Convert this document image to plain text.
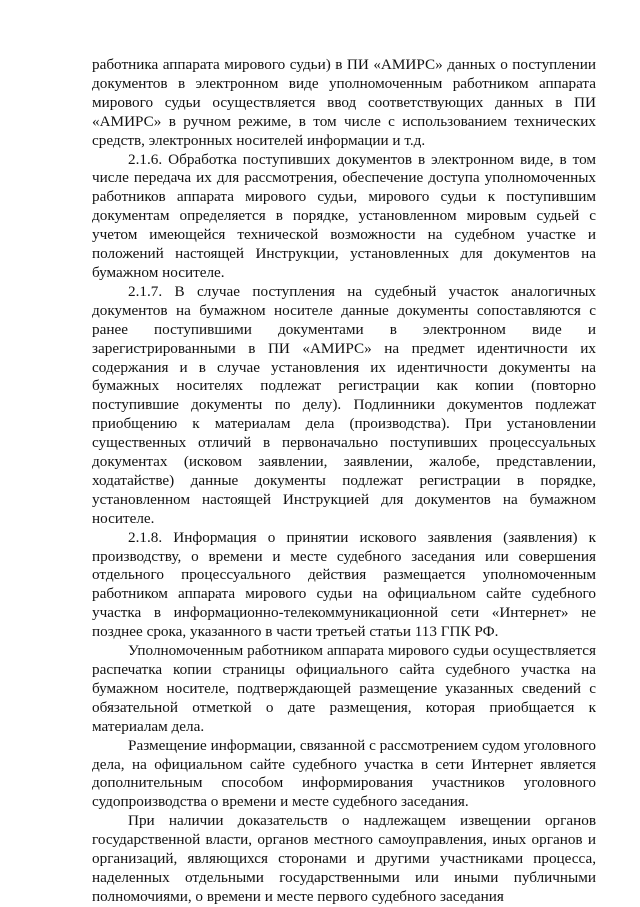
работника аппарата мирового судьи) в ПИ «АМИРС» данных о поступлении документов в электронном виде уполномоченным работником аппарата мирового судьи осуществляется ввод соответствующих данных в ПИ «АМИРС» в ручном режиме, в том числе с использованием технических средств, электронных носителей информации и т.д.

2.1.6. Обработка поступивших документов в электронном виде, в том числе передача их для рассмотрения, обеспечение доступа уполномоченных работников аппарата мирового судьи, мирового судьи к поступившим документам определяется в порядке, установленном мировым судьей с учетом имеющейся технической возможности на судебном участке и положений настоящей Инструкции, установленных для документов на бумажном носителе.

2.1.7. В случае поступления на судебный участок аналогичных документов на бумажном носителе данные документы сопоставляются с ранее поступившими документами в электронном виде и зарегистрированными в ПИ «АМИРС» на предмет идентичности их содержания и в случае установления их идентичности документы на бумажных носителях подлежат регистрации как копии (повторно поступившие документы по делу). Подлинники документов подлежат приобщению к материалам дела (производства). При установлении существенных отличий в первоначально поступивших процессуальных документах (исковом заявлении, заявлении, жалобе, представлении, ходатайстве) данные документы подлежат регистрации в порядке, установленном настоящей Инструкцией для документов на бумажном носителе.

2.1.8. Информация о принятии искового заявления (заявления) к производству, о времени и месте судебного заседания или совершения отдельного процессуального действия размещается уполномоченным работником аппарата мирового судьи на официальном сайте судебного участка в информационно-телекоммуникационной сети «Интернет» не позднее срока, указанного в части третьей статьи 113 ГПК РФ.

Уполномоченным работником аппарата мирового судьи осуществляется распечатка копии страницы официального сайта судебного участка на бумажном носителе, подтверждающей размещение указанных сведений с обязательной отметкой о дате размещения, которая приобщается к материалам дела.

Размещение информации, связанной с рассмотрением судом уголовного дела, на официальном сайте судебного участка в сети Интернет является дополнительным способом информирования участников уголовного судопроизводства о времени и месте судебного заседания.

При наличии доказательств о надлежащем извещении органов государственной власти, органов местного самоуправления, иных органов и организаций, являющихся сторонами и другими участниками процесса, наделенных отдельными государственными или иными публичными полномочиями, о времени и месте первого судебного заседания
